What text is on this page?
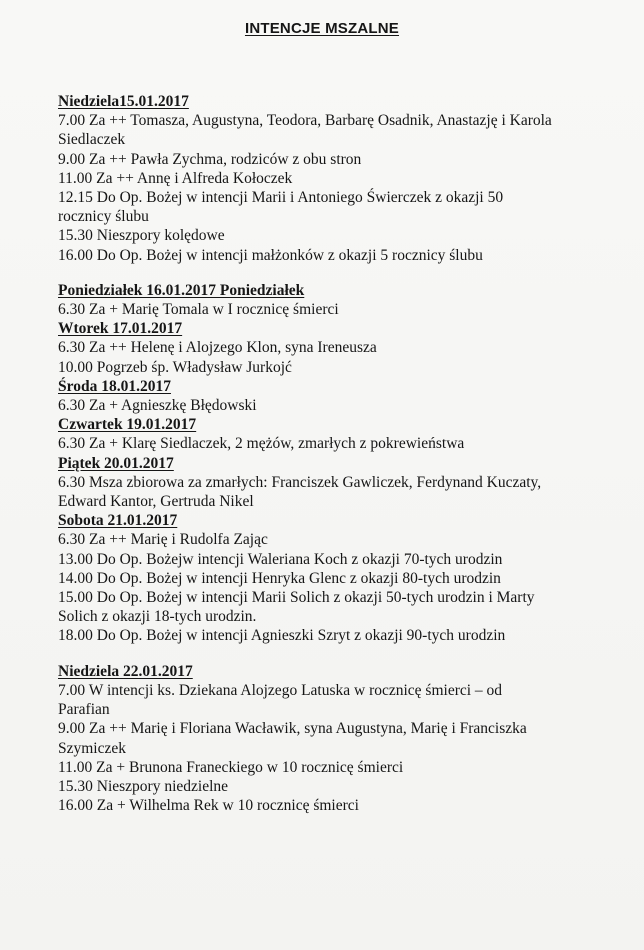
INTENCJE MSZALNE
Niedziela15.01.2017
7.00 Za ++ Tomasza, Augustyna, Teodora, Barbarę Osadnik, Anastazję i Karola
Siedlaczek
9.00 Za ++ Pawła Zychma, rodziców z obu stron
11.00 Za ++ Annę i Alfreda Kołoczek
12.15 Do Op. Bożej w intencji Marii i Antoniego Świerczek z okazji 50
rocznicy ślubu
15.30 Nieszpory kolędowe
16.00 Do Op. Bożej w intencji małżonków z okazji 5 rocznicy ślubu
Poniedziałek 16.01.2017 Poniedziałek
6.30 Za + Marię Tomala w I rocznicę śmierci
Wtorek 17.01.2017
6.30 Za ++ Helenę i Alojzego Klon, syna Ireneusza
10.00 Pogrzeb śp. Władysław Jurkojć
Środa 18.01.2017
6.30 Za + Agnieszkę Błędowski
Czwartek 19.01.2017
6.30 Za + Klarę Siedlaczek, 2 mężów, zmarłych z pokrewieństwa
Piątek 20.01.2017
6.30 Msza zbiorowa za zmarłych: Franciszek Gawliczek, Ferdynand Kuczaty,
Edward Kantor, Gertruda Nikel
Sobota 21.01.2017
6.30 Za ++ Marię i Rudolfa Zając
13.00 Do Op. Bożejw intencji Waleriana Koch z okazji 70-tych urodzin
14.00 Do Op. Bożej w intencji Henryka Glenc z okazji 80-tych urodzin
15.00 Do Op. Bożej w intencji Marii Solich z okazji 50-tych urodzin i Marty
Solich z okazji 18-tych urodzin.
18.00 Do Op. Bożej w intencji Agnieszki Szryt z okazji 90-tych urodzin
Niedziela 22.01.2017
7.00 W intencji ks. Dziekana Alojzego Latuska w rocznicę śmierci – od
Parafian
9.00 Za ++ Marię i Floriana Wacławik, syna Augustyna, Marię i Franciszka
Szymiczek
11.00 Za + Brunona Franeckiego w 10 rocznicę śmierci
15.30 Nieszpory niedzielne
16.00 Za + Wilhelma Rek w 10 rocznicę śmierci
